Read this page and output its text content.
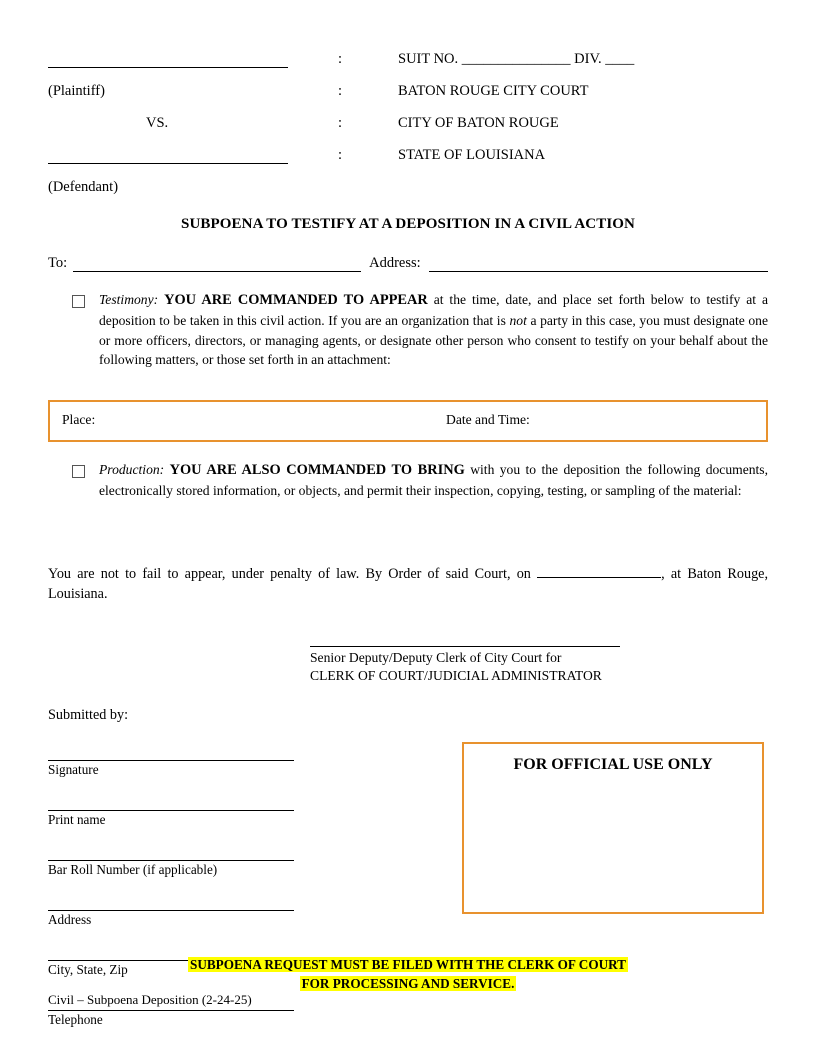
	:	SUIT NO. _______________ DIV. ____
(Plaintiff)	:	BATON ROUGE CITY COURT

VS.	:	CITY OF BATON ROUGE

	:	STATE OF LOUISIANA
(Defendant)		
SUBPOENA TO TESTIFY AT A DEPOSITION IN A CIVIL ACTION
To:	Address:
Testimony: YOU ARE COMMANDED TO APPEAR at the time, date, and place set forth below to testify at a deposition to be taken in this civil action. If you are an organization that is not a party in this case, you must designate one or more officers, directors, or managing agents, or designate other person who consent to testify on your behalf about the following matters, or those set forth in an attachment:
Place:	Date and Time:
Production: YOU ARE ALSO COMMANDED TO BRING with you to the deposition the following documents, electronically stored information, or objects, and permit their inspection, copying, testing, or sampling of the material:
You are not to fail to appear, under penalty of law. By Order of said Court, on	, at Baton Rouge, Louisiana.
Senior Deputy/Deputy Clerk of City Court for
CLERK OF COURT/JUDICIAL ADMINISTRATOR
Submitted by:
Signature
Print name
Bar Roll Number (if applicable)
Address
City, State, Zip
Telephone
FOR OFFICIAL USE ONLY
SUBPOENA REQUEST MUST BE FILED WITH THE CLERK OF COURT
FOR PROCESSING AND SERVICE.
Civil – Subpoena Deposition (2-24-25)
